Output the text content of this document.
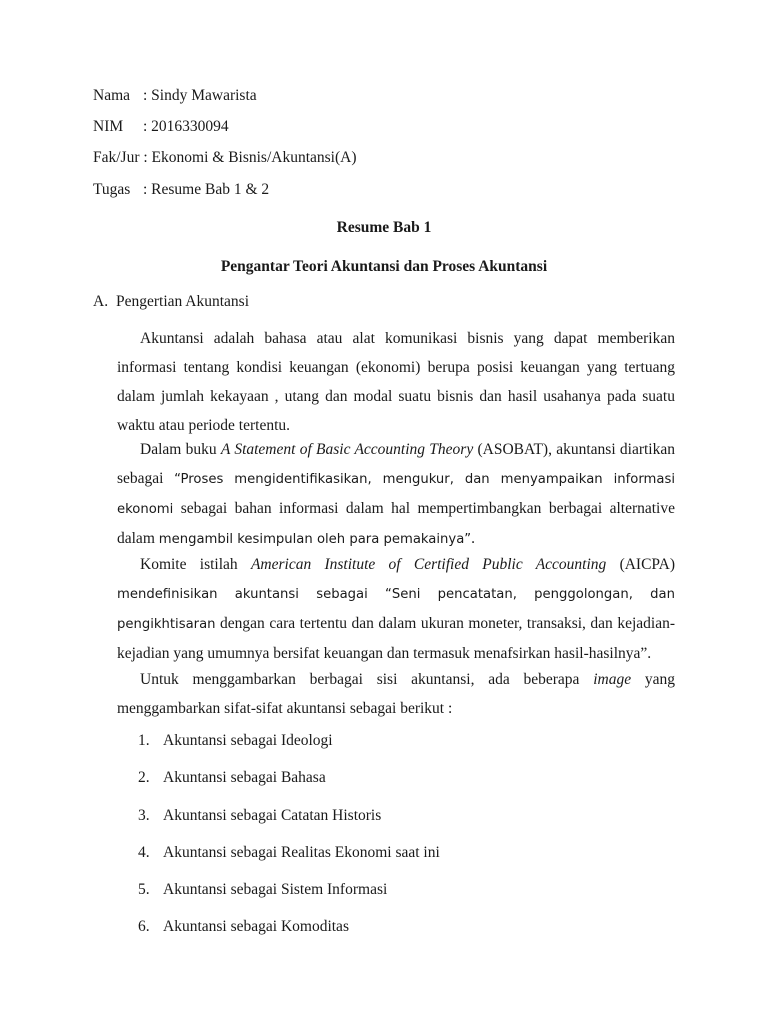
Nama : Sindy Mawarista
NIM : 2016330094
Fak/Jur : Ekonomi & Bisnis/Akuntansi(A)
Tugas : Resume Bab 1 & 2
Resume Bab 1
Pengantar Teori Akuntansi dan Proses Akuntansi
A. Pengertian Akuntansi
Akuntansi adalah bahasa atau alat komunikasi bisnis yang dapat memberikan informasi tentang kondisi keuangan (ekonomi) berupa posisi keuangan yang tertuang dalam jumlah kekayaan , utang dan modal suatu bisnis dan hasil usahanya pada suatu waktu atau periode tertentu.
Dalam buku A Statement of Basic Accounting Theory (ASOBAT), akuntansi diartikan sebagai “Proses mengidentifikasikan, mengukur, dan menyampaikan informasi ekonomi sebagai bahan informasi dalam hal mempertimbangkan berbagai alternative dalam mengambil kesimpulan oleh para pemakainya”.
Komite istilah American Institute of Certified Public Accounting (AICPA) mendefinisikan akuntansi sebagai “Seni pencatatan, penggolongan, dan pengikhtisaran dengan cara tertentu dan dalam ukuran moneter, transaksi, dan kejadian-kejadian yang umumnya bersifat keuangan dan termasuk menafsirkan hasil-hasilnya”.
Untuk menggambarkan berbagai sisi akuntansi, ada beberapa image yang menggambarkan sifat-sifat akuntansi sebagai berikut :
1. Akuntansi sebagai Ideologi
2. Akuntansi sebagai Bahasa
3. Akuntansi sebagai Catatan Historis
4. Akuntansi sebagai Realitas Ekonomi saat ini
5. Akuntansi sebagai Sistem Informasi
6. Akuntansi sebagai Komoditas
